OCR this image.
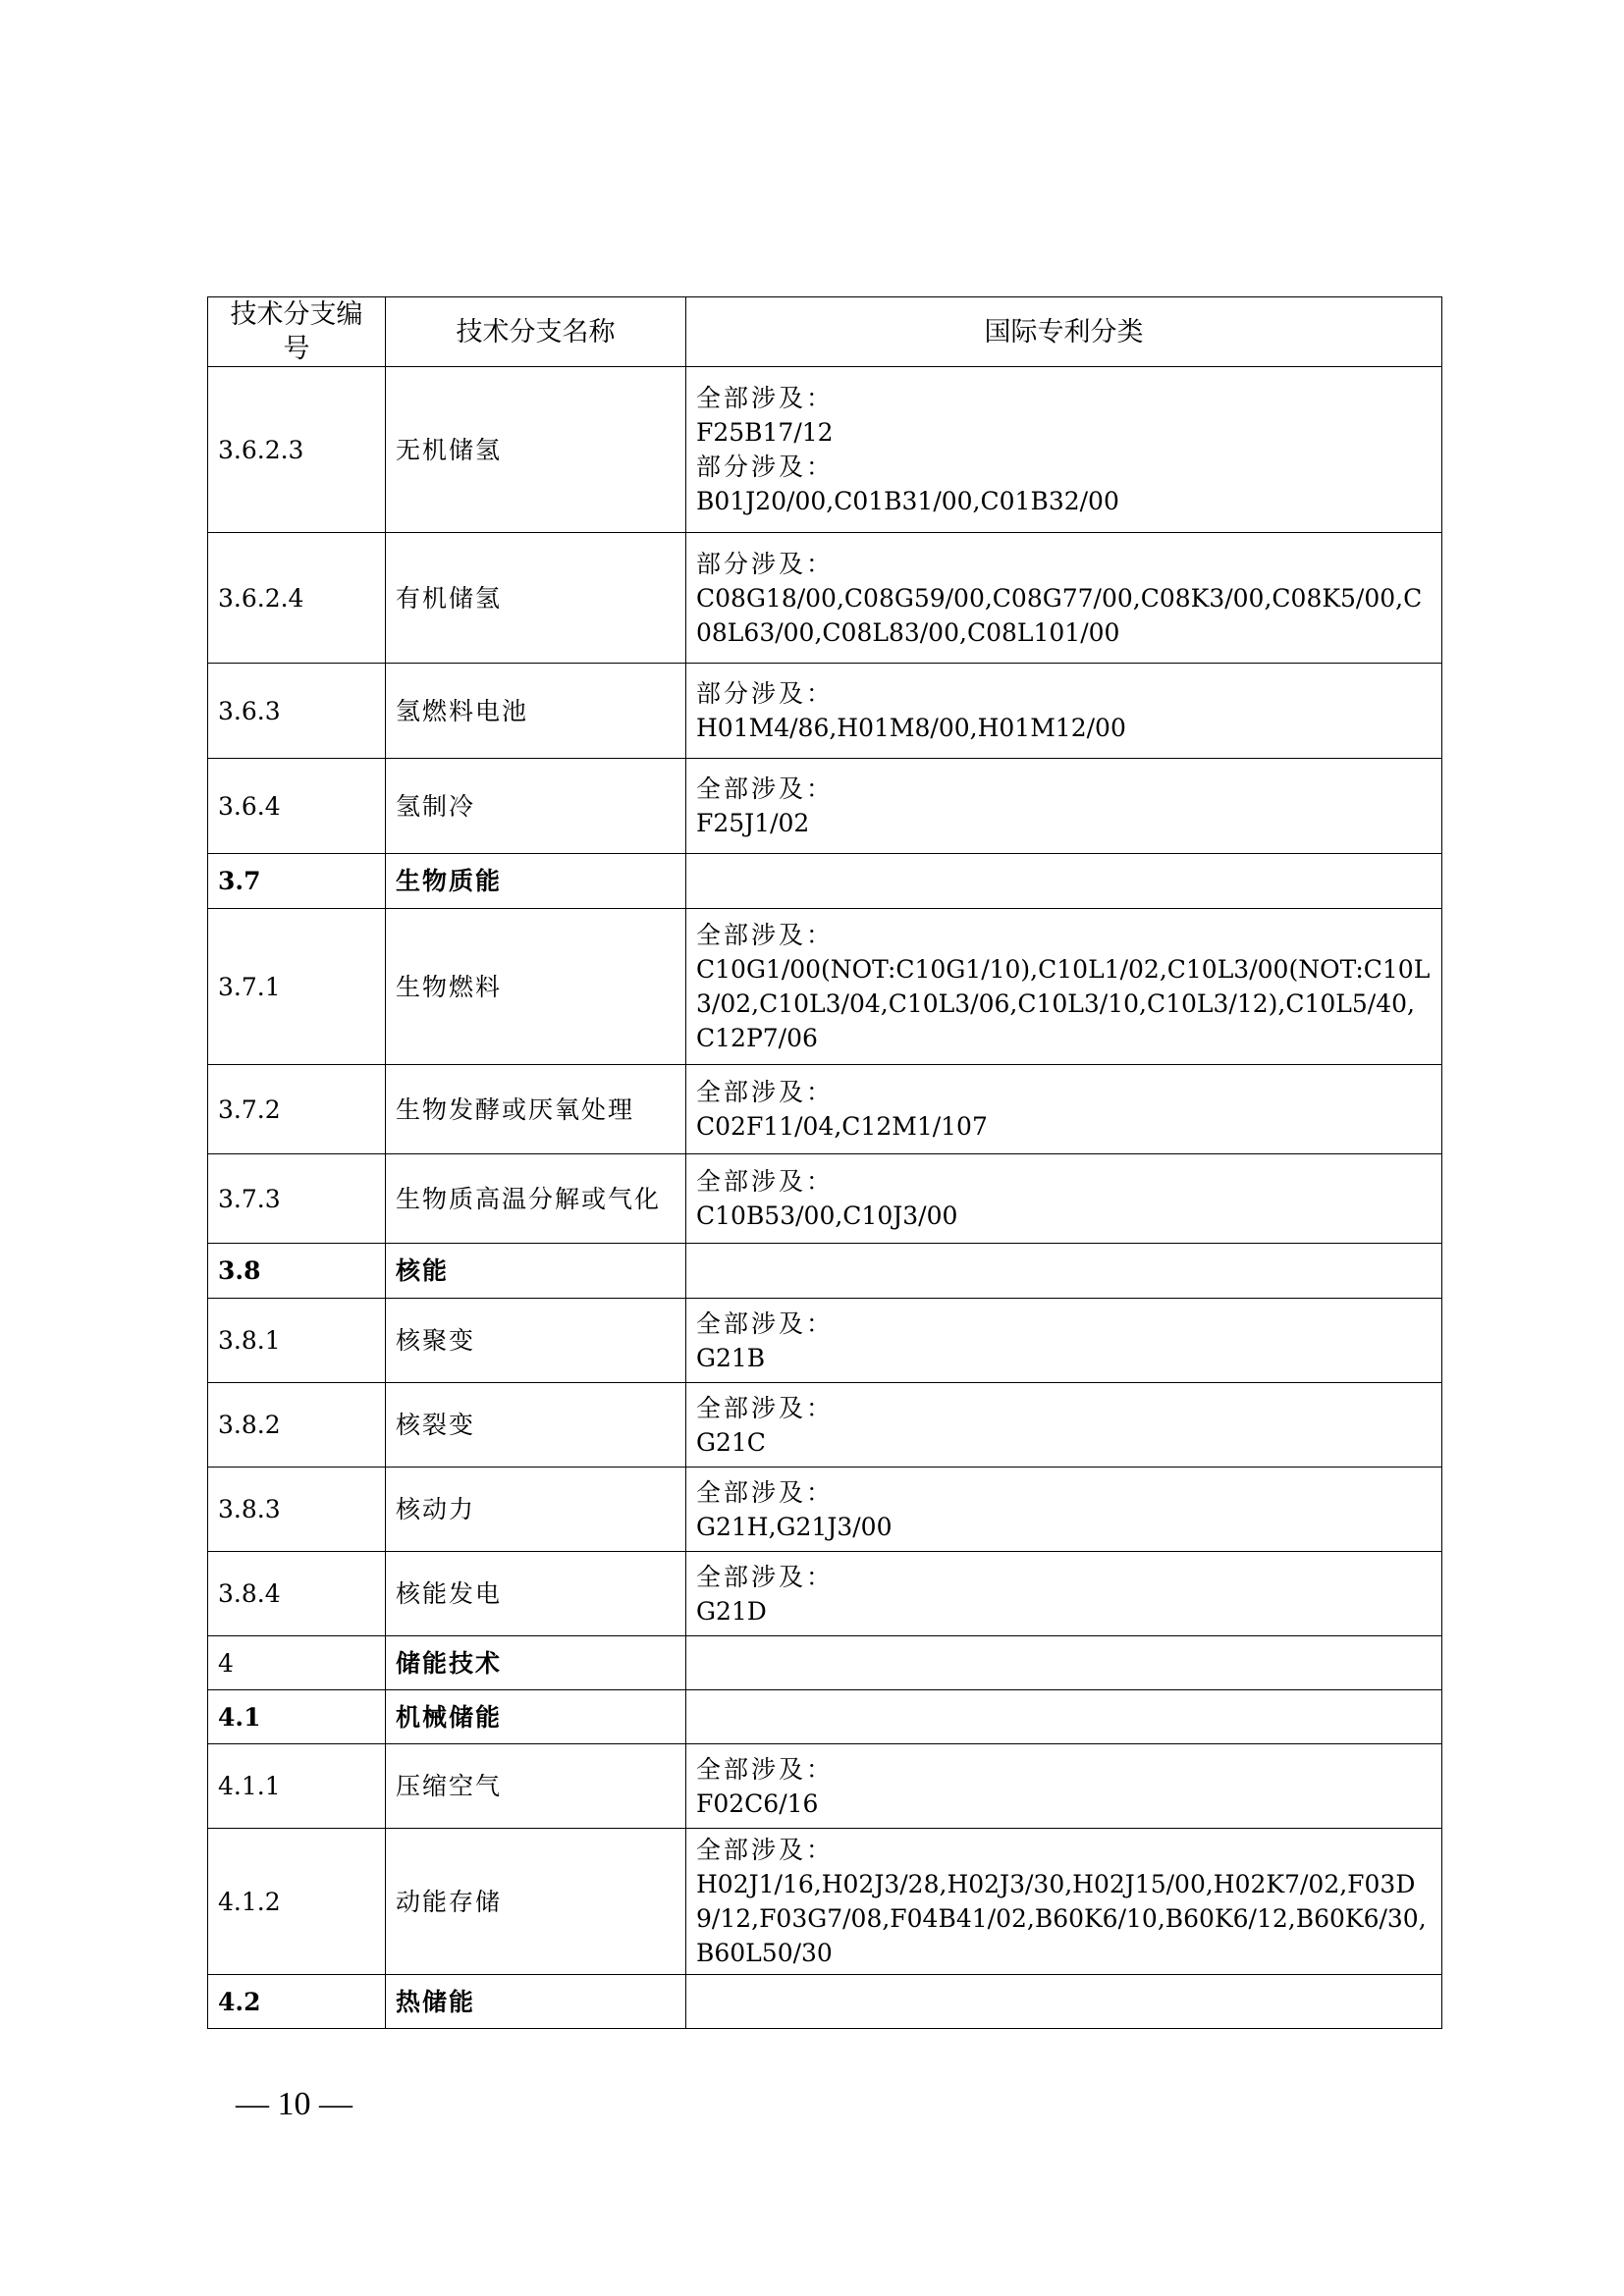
技术分支编号	技术分支名称	国际专利分类
3.6.2.3	无机储氢	全部涉及：
F25B17/12
部分涉及：
B01J20/00,C01B31/00,C01B32/00

3.6.2.4	有机储氢	部分涉及：
C08G18/00,C08G59/00,C08G77/00,C08K3/00,C08K5/00,C08L63/00,C08L83/00,C08L101/00

3.6.3	氢燃料电池	部分涉及：
H01M4/86,H01M8/00,H01M12/00

3.6.4	氢制冷	全部涉及：
F25J1/02

3.7	生物质能	
3.7.1	生物燃料	全部涉及：
C10G1/00(NOT:C10G1/10),C10L1/02,C10L3/00(NOT:C10L3/02,C10L3/04,C10L3/06,C10L3/10,C10L3/12),C10L5/40,C12P7/06

3.7.2	生物发酵或厌氧处理	全部涉及：
C02F11/04,C12M1/107

3.7.3	生物质高温分解或气化	全部涉及：
C10B53/00,C10J3/00

3.8	核能	
3.8.1	核聚变	全部涉及：
G21B

3.8.2	核裂变	全部涉及：
G21C

3.8.3	核动力	全部涉及：
G21H,G21J3/00

3.8.4	核能发电	全部涉及：
G21D

4	储能技术	
4.1	机械储能	
4.1.1	压缩空气	全部涉及：
F02C6/16

4.1.2	动能存储	全部涉及：
H02J1/16,H02J3/28,H02J3/30,H02J15/00,H02K7/02,F03D9/12,F03G7/08,F04B41/02,B60K6/10,B60K6/12,B60K6/30,B60L50/30

4.2	热储能	
— 10 —
